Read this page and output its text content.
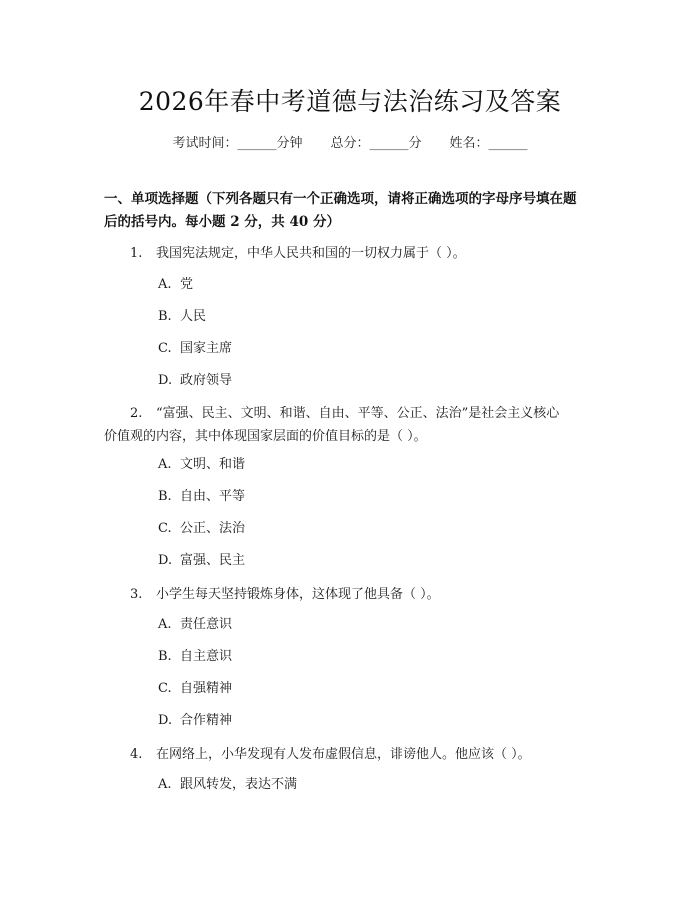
2026年春中考道德与法治练习及答案
考试时间：______分钟 总分：______分 姓名：______
一、单项选择题（下列各题只有一个正确选项，请将正确选项的字母序号填在题
后的括号内。每小题 2 分，共 40 分）
1. 我国宪法规定，中华人民共和国的一切权力属于（ ）。
A. 党
B. 人民
C. 国家主席
D. 政府领导
2. “富强、民主、文明、和谐、自由、平等、公正、法治”是社会主义核心
价值观的内容，其中体现国家层面的价值目标的是（ ）。
A. 文明、和谐
B. 自由、平等
C. 公正、法治
D. 富强、民主
3. 小学生每天坚持锻炼身体，这体现了他具备（ ）。
A. 责任意识
B. 自主意识
C. 自强精神
D. 合作精神
4. 在网络上，小华发现有人发布虚假信息，诽谤他人。他应该（ ）。
A. 跟风转发，表达不满
